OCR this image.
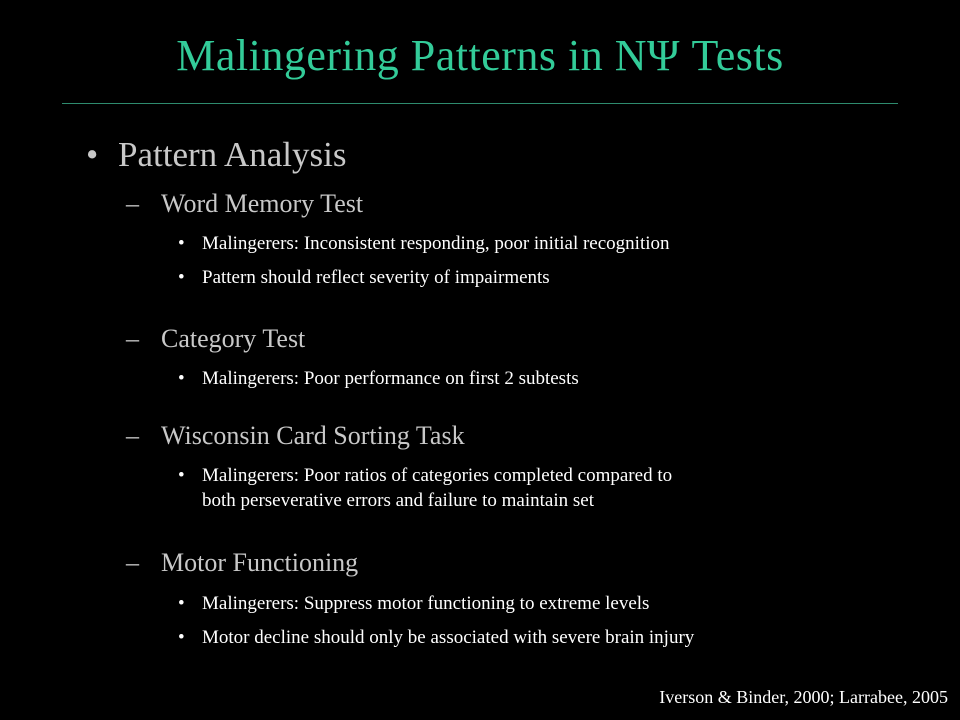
Malingering Patterns in NΨ Tests
• Pattern Analysis
– Word Memory Test
• Malingerers: Inconsistent responding, poor initial recognition
• Pattern should reflect severity of impairments
– Category Test
• Malingerers: Poor performance on first 2 subtests
– Wisconsin Card Sorting Task
• Malingerers: Poor ratios of categories completed compared to
both perseverative errors and failure to maintain set
– Motor Functioning
• Malingerers: Suppress motor functioning to extreme levels
• Motor decline should only be associated with severe brain injury
Iverson & Binder, 2000; Larrabee, 2005
